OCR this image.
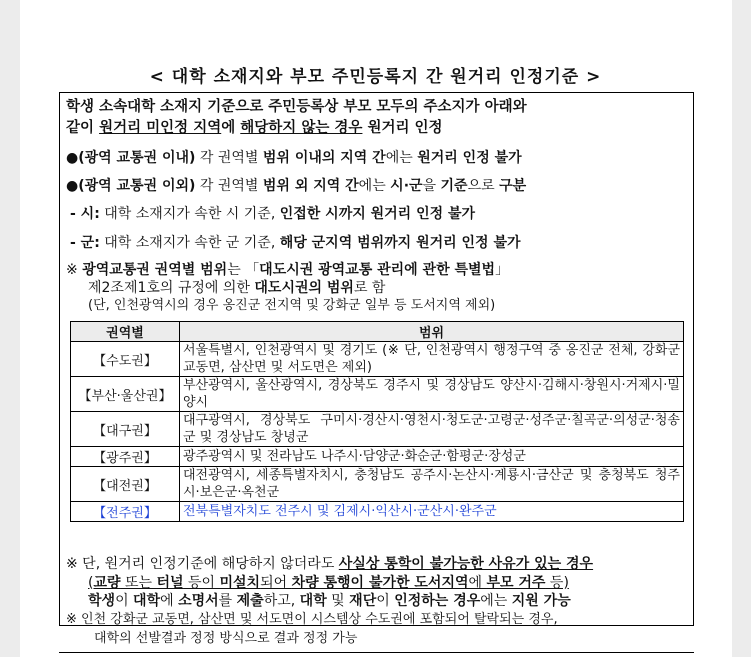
< 대학 소재지와 부모 주민등록지 간 원거리 인정기준 >
학생 소속대학 소재지 기준으로 주민등록상 부모 모두의 주소지가 아래와
같이 원거리 미인정 지역에 해당하지 않는 경우 원거리 인정
●(광역 교통권 이내) 각 권역별 범위 이내의 지역 간에는 원거리 인정 불가
●(광역 교통권 이외) 각 권역별 범위 외 지역 간에는 시·군을 기준으로 구분
- 시: 대학 소재지가 속한 시 기준, 인접한 시까지 원거리 인정 불가
- 군: 대학 소재지가 속한 군 기준, 해당 군지역 범위까지 원거리 인정 불가
※ 광역교통권 권역별 범위는 「대도시권 광역교통 관리에 관한 특별법」
제2조제1호의 규정에 의한 대도시권의 범위로 함
(단, 인천광역시의 경우 옹진군 전지역 및 강화군 일부 등 도서지역 제외)
권역별	범위
【수도권】	서울특별시, 인천광역시 및 경기도 (※ 단, 인천광역시 행정구역 중 옹진군 전체, 강화군 교동면, 삼산면 및 서도면은 제외)
【부산·울산권】	부산광역시, 울산광역시, 경상북도 경주시 및 경상남도 양산시·김해시·창원시·거제시·밀양시
【대구권】	대구광역시, 경상북도 구미시·경산시·영천시·청도군·고령군·성주군·칠곡군·의성군·청송군 및 경상남도 창녕군
【광주권】	광주광역시 및 전라남도 나주시·담양군·화순군·함평군·장성군
【대전권】	대전광역시, 세종특별자치시, 충청남도 공주시·논산시·계룡시·금산군 및 충청북도 청주시·보은군·옥천군
【전주권】	전북특별자치도 전주시 및 김제시·익산시·군산시·완주군
※ 단, 원거리 인정기준에 해당하지 않더라도 사실상 통학이 불가능한 사유가 있는 경우
(교량 또는 터널 등이 미설치되어 차량 통행이 불가한 도서지역에 부모 거주 등)
학생이 대학에 소명서를 제출하고, 대학 및 재단이 인정하는 경우에는 지원 가능
※ 인천 강화군 교동면, 삼산면 및 서도면이 시스템상 수도권에 포함되어 탈락되는 경우,
대학의 선발결과 정정 방식으로 결과 정정 가능
